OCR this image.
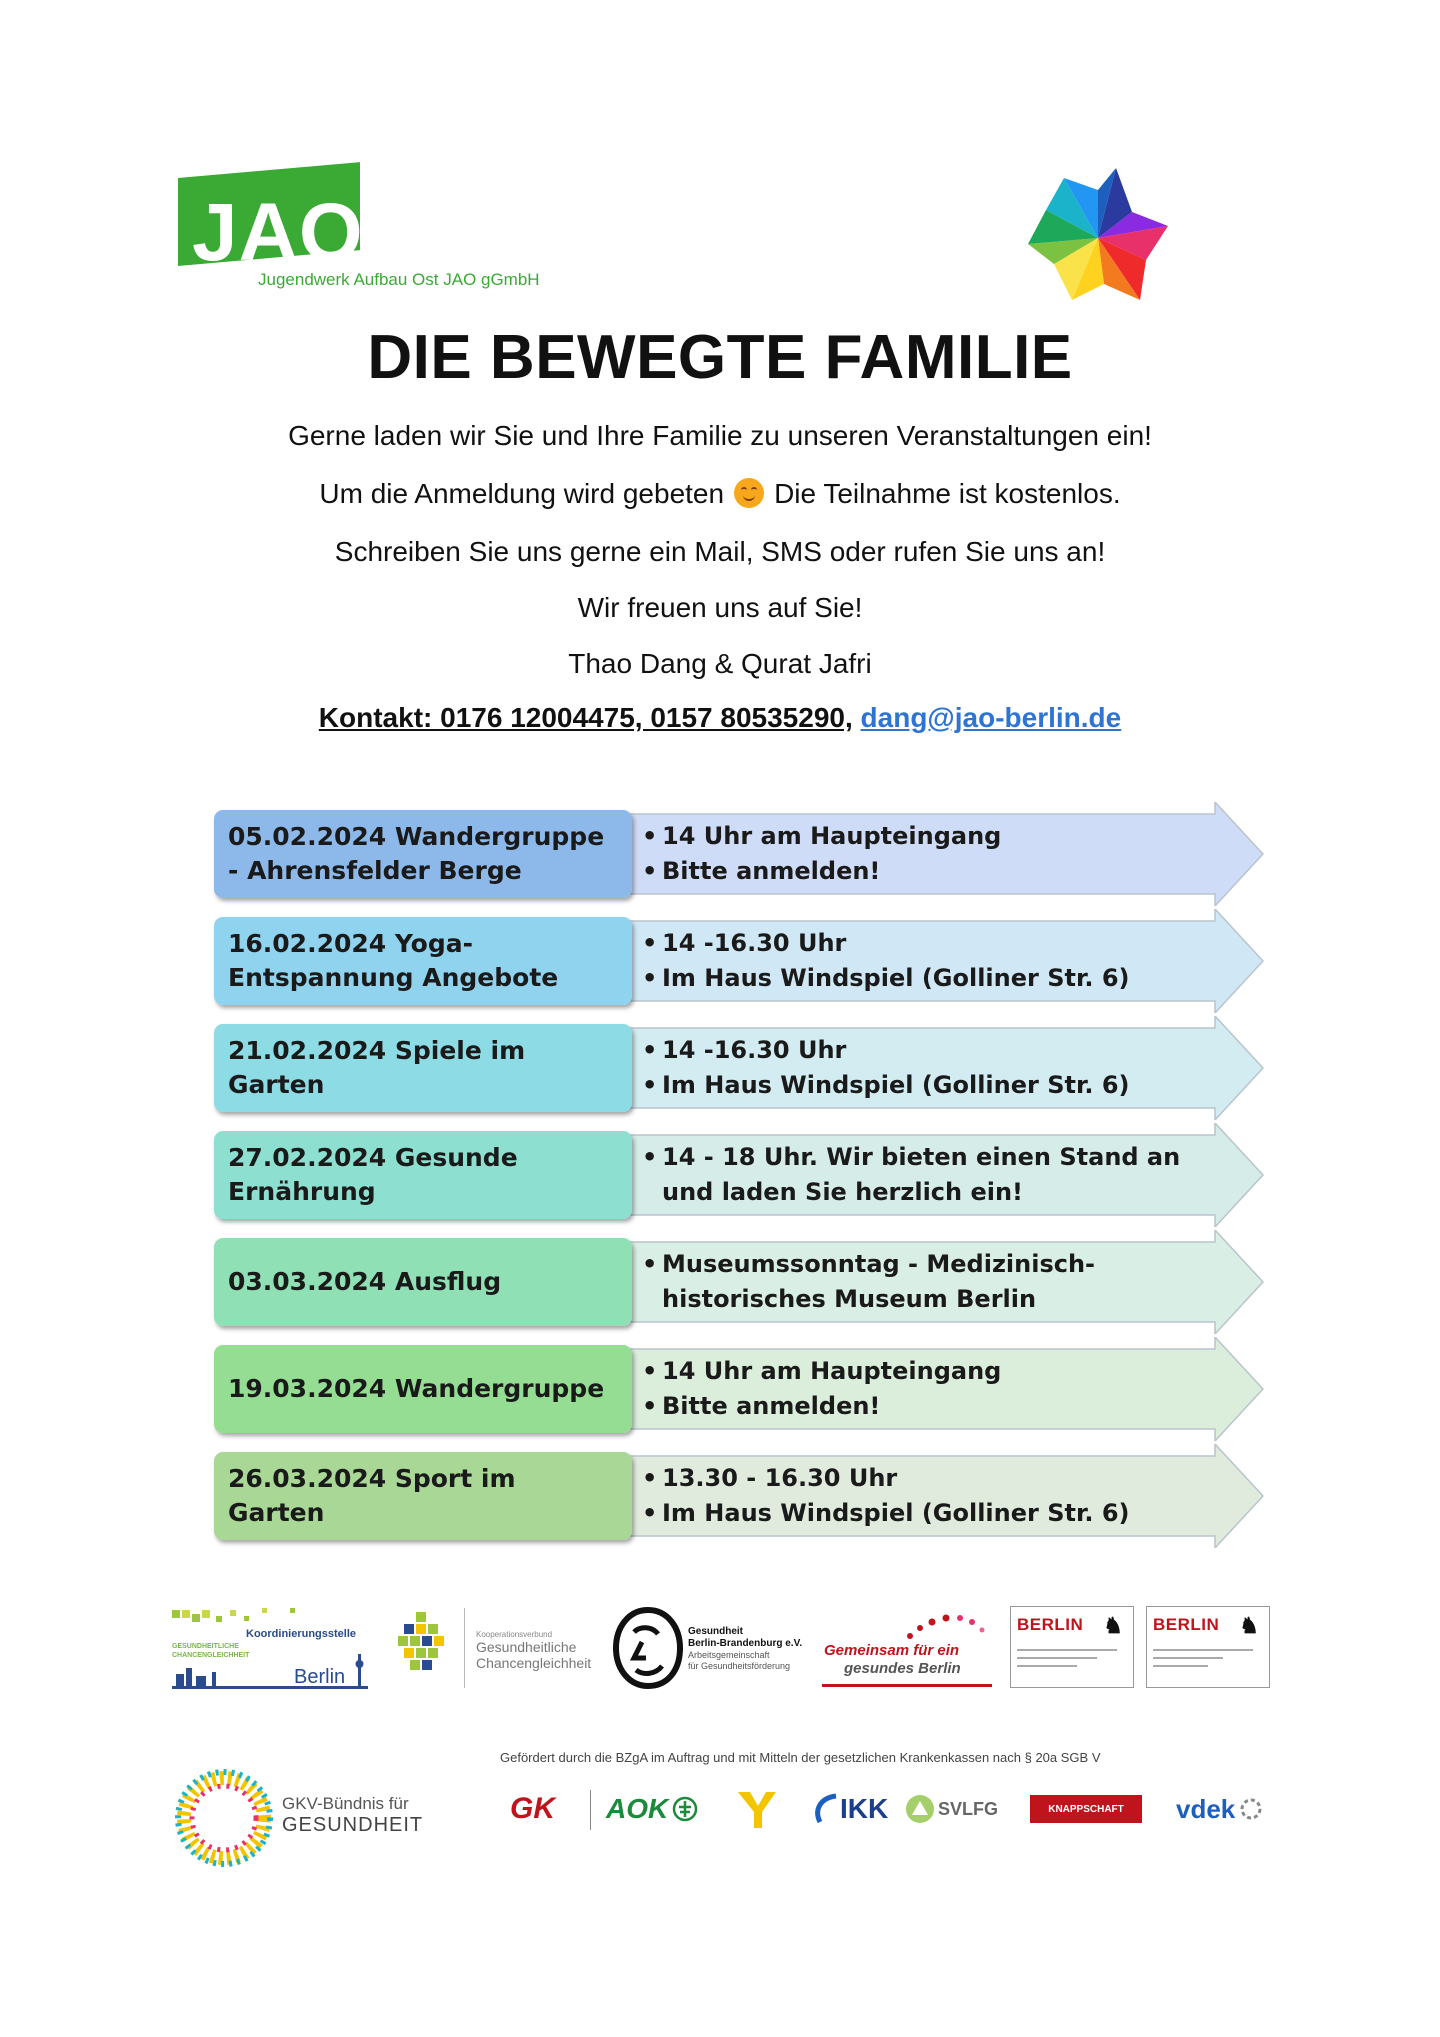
JAO
Jugendwerk Aufbau Ost JAO gGmbH
DIE BEWEGTE FAMILIE
Gerne laden wir Sie und Ihre Familie zu unseren Veranstaltungen ein!
Um die Anmeldung wird gebeten Die Teilnahme ist kostenlos.
Schreiben Sie uns gerne ein Mail, SMS oder rufen Sie uns an!
Wir freuen uns auf Sie!
Thao Dang & Qurat Jafri
Kontakt: 0176 12004475, 0157 80535290, dang@jao-berlin.de
05.02.2024 Wandergruppe - Ahrensfelder Berge
• 14 Uhr am Haupteingang
• Bitte anmelden!
16.02.2024 Yoga-Entspannung Angebote
• 14 -16.30 Uhr
• Im Haus Windspiel (Golliner Str. 6)
21.02.2024 Spiele im Garten
• 14 -16.30 Uhr
• Im Haus Windspiel (Golliner Str. 6)
27.02.2024 Gesunde Ernährung
• 14 - 18 Uhr. Wir bieten einen Stand an und laden Sie herzlich ein!
03.03.2024 Ausflug
• Museumssonntag - Medizinisch-historisches Museum Berlin
19.03.2024 Wandergruppe
• 14 Uhr am Haupteingang
• Bitte anmelden!
26.03.2024 Sport im Garten
• 13.30 - 16.30 Uhr
• Im Haus Windspiel (Golliner Str. 6)
Koordinierungsstelle
GESUNDHEITLICHE CHANCENGLEICHHEIT
Berlin
Kooperationsverbund
Gesundheitliche
Chancengleichheit
Gesundheit
Berlin-Brandenburg e.V.
Arbeitsgemeinschaft
für Gesundheitsförderung
Gemeinsam für ein
gesundes Berlin
BERLIN ♞ BERLIN ♞
GKV-Bündnis für
GESUNDHEIT
Gefördert durch die BZgA im Auftrag und mit Mitteln der gesetzlichen Krankenkassen nach § 20a SGB V
GK AOK	IKK	SVLFG	KNAPPSCHAFT vdek
